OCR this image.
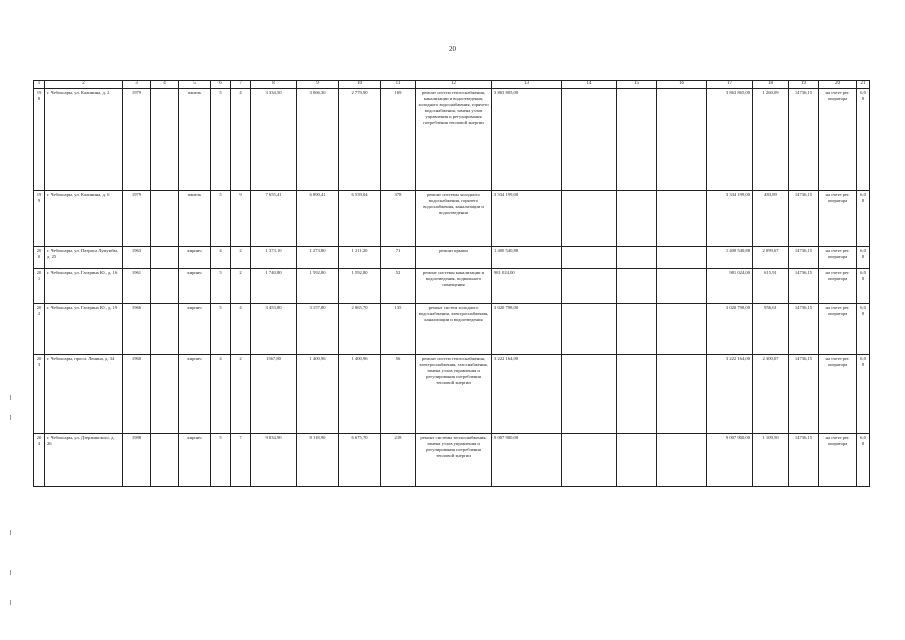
20
1	2	3	4	5	6	7	8	9	10	11	12	13	14	15	16	17	18	19	20	21
198	г. Чебоксары, ул. Калинина, д. 2	1979		панель	5	4	3 334,50	3 066,30	2 779,90	169	ремонт систем теплоснабжения, канализации и водоотведения, холодного водоснабжения, горячего водоснабжения, замена узлов управления и регулирования потребления тепловой энергии	3 863 805,00				3 863 865,00	1 260,09	14736,15	на счете рег. оператора	6,08
199	г. Чебоксары, ул. Калинина, д. 6	1979		панель	5	9	7 655,41	6 890,41	6 539,04	378	ремонт системы холодного водоснабжения, горячего водоснабжения, канализации и водоотведения	3 334 199,00				3 334 199,00	483,89	14736,15	на счете рег. оператора	6,08
200	г. Чебоксары, ул. Патриса Лумумбы, д. 25	1963		кирпич	4	2	1 373,10	1 273,80	1 211,20	71	ремонт крыши	1 400 540,88				1 400 540,88	2 099,67	14736,15	на счете рег. оператора	6,08
201	г. Чебоксары, ул. Гагарина Ю., д. 16	1961		кирпич	5	2	1 740,80	1 592,80	1 592,80	52	ремонт системы канализации и водоотведения, подвального помещения	981 024,00				981 024,00	615,91	14736,15	на счете рег. оператора	6,08
202	г. Чебоксары, ул. Гагарина Ю., д. 19	1966		кирпич	5	4	3 453,80	3 157,80	2 865,70	135	ремонт систем холодного водоснабжения, электроснабжения, канализации и водоотведения	3 020 798,00				3 020 798,00	956,61	14736,15	на счете рег. оператора	6,08
203	г. Чебоксары, просп. Ленина, д. 34	1960		кирпич	4	2	1567,80	1 400,96	1 400,96	56	ремонт систем теплоснабжения, электроснабжения, газоснабжения, замена узлов управления и регулирования потребления тепловой энергии	3 222 164,00				3 222 164,00	2 300,07	14736,15	на счете рег. оператора	6,08
204	г. Чебоксары, ул. Дзержинского, д. 26	1988		кирпич	5	7	9 034,90	8 118,90	6 675,70	218	ремонт системы теплоснабжения, замена узлов управления и регулирования потребления тепловой энергии	9 007 900,00				9 007 900,00	1 109,50	14736,15	на счете рег. оператора	6,08
